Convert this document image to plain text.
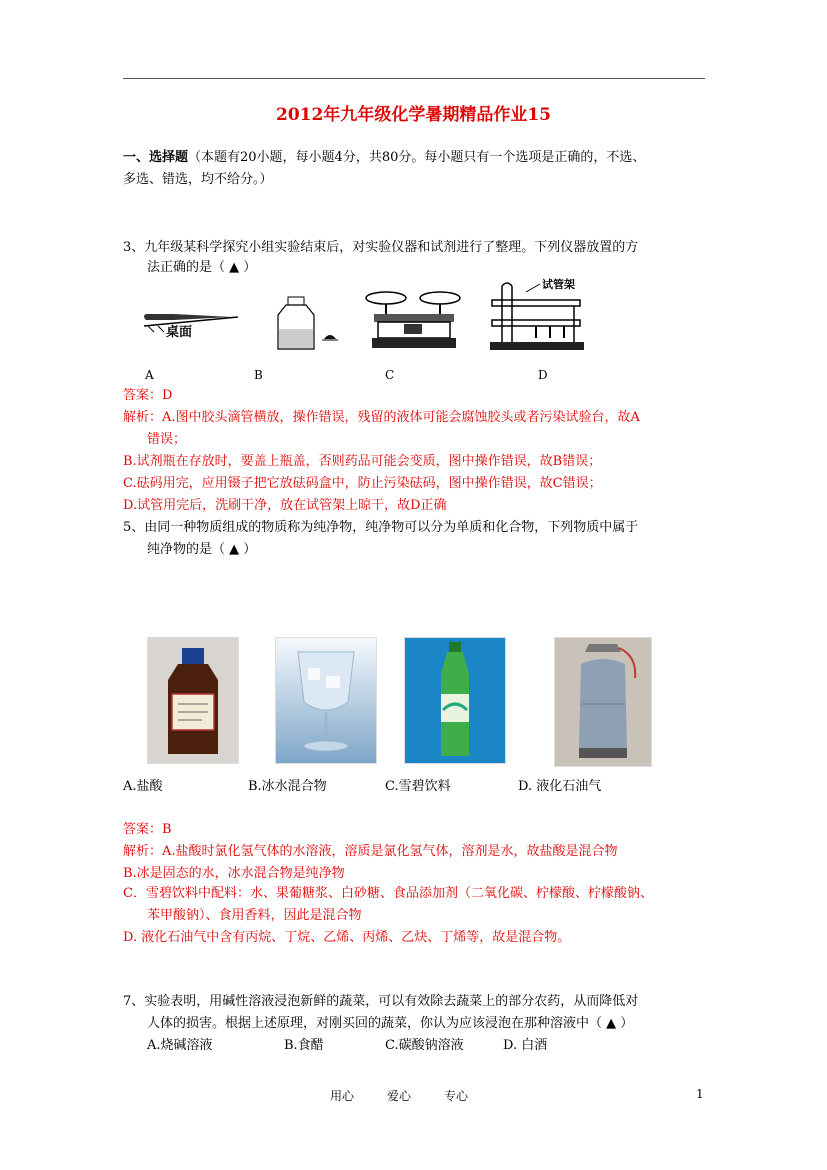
2012年九年级化学暑期精品作业15
一、选择题（本题有20小题，每小题4分，共80分。每小题只有一个选项是正确的，不选、
多选、错选，均不给分。）
3、九年级某科学探究小组实验结束后，对实验仪器和试剂进行了整理。下列仪器放置的方
法正确的是（ ▲ ）
桌面
试管架
A	B	C	D
答案：D
解析：A.图中胶头滴管横放，操作错误，残留的液体可能会腐蚀胶头或者污染试验台，故A
错误；
B.试剂瓶在存放时，要盖上瓶盖，否则药品可能会变质，图中操作错误，故B错误；
C.砝码用完，应用镊子把它放砝码盒中，防止污染砝码，图中操作错误，故C错误；
D.试管用完后，洗刷干净，放在试管架上晾干，故D正确
5、由同一种物质组成的物质称为纯净物，纯净物可以分为单质和化合物，下列物质中属于
纯净物的是（ ▲ ）
A.盐酸	B.冰水混合物	C.雪碧饮料	D. 液化石油气
答案：B
解析：A.盐酸时氯化氢气体的水溶液，溶质是氯化氢气体，溶剂是水，故盐酸是混合物
B.冰是固态的水，冰水混合物是纯净物
C．雪碧饮料中配料：水、果葡糖浆、白砂糖、食品添加剂（二氧化碳、柠檬酸、柠檬酸钠、
苯甲酸钠）、食用香料，因此是混合物
D. 液化石油气中含有丙烷、丁烷、乙烯、丙烯、乙炔、丁烯等，故是混合物。
7、实验表明，用碱性溶液浸泡新鲜的蔬菜，可以有效除去蔬菜上的部分农药，从而降低对
人体的损害。根据上述原理，对刚买回的蔬菜，你认为应该浸泡在那种溶液中（ ▲ ）
A.烧碱溶液	B.食醋	C.碳酸钠溶液	D. 白酒
用心	爱心	专心	1
